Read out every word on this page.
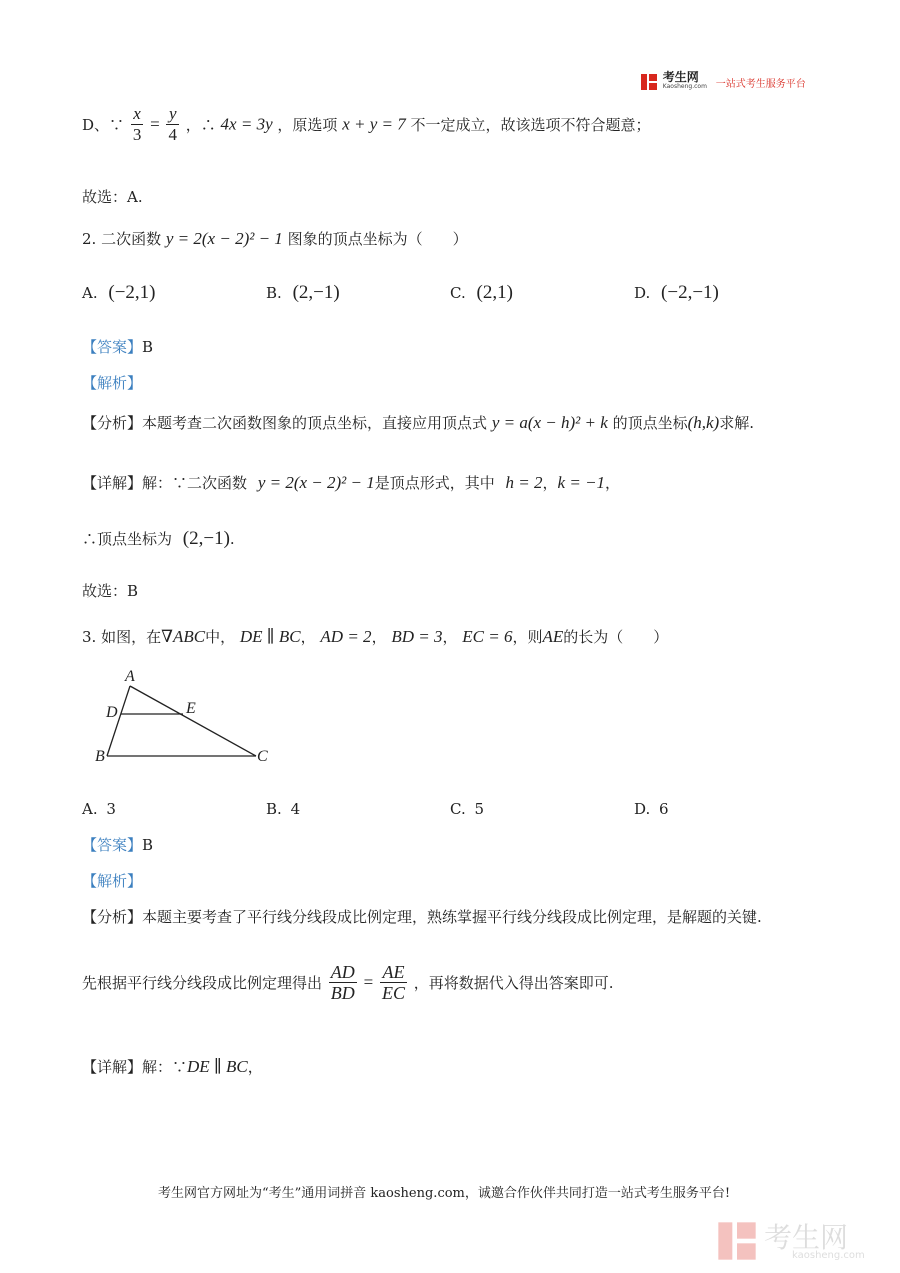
考生网
Kaosheng.com 一站式考生服务平台
D、∵ $\frac{x}{3} = \frac{y}{4}$ ，∴ 4x = 3y ，原选项 x + y = 7 不一定成立，故该选项不符合题意；
故选：A.
2. 二次函数 y = 2(x − 2)² − 1 图象的顶点坐标为（　　）
A. (−2,1)	B. (2,−1)	C. (2,1)	D. (−2,−1)
【答案】B
【解析】
【分析】本题考查二次函数图象的顶点坐标，直接应用顶点式 y = a(x − h)² + k 的顶点坐标(h,k)求解.
【详解】解：∵二次函数 y = 2(x − 2)² − 1是顶点形式，其中 h = 2，k = −1，
∴顶点坐标为 (2,−1).
故选：B
3. 如图，在∇ABC中， DE ∥ BC， AD = 2， BD = 3， EC = 6，则AE的长为（　　）
A
D	E
B	C
A. 3	B. 4	C. 5	D. 6
【答案】B
【解析】
【分析】本题主要考查了平行线分线段成比例定理，熟练掌握平行线分线段成比例定理，是解题的关键.
先根据平行线分线段成比例定理得出 $\frac{AD}{BD} = \frac{AE}{EC}$ ，再将数据代入得出答案即可.
【详解】解：∵DE ∥ BC，
考生网官方网址为“考生”通用词拼音 kaosheng.com，诚邀合作伙伴共同打造一站式考生服务平台!
考生网
kaosheng.com
